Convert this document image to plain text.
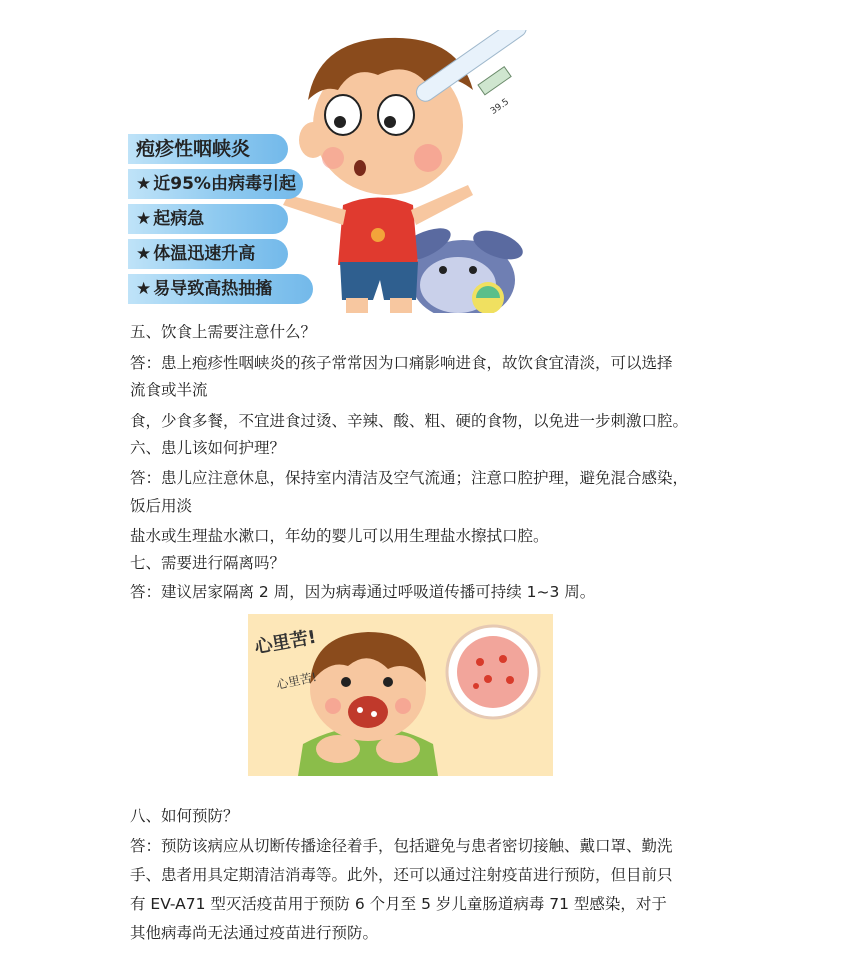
疱疹性咽峡炎
★ 近95%由病毒引起
★ 起病急
★ 体温迅速升高
★ 易导致高热抽搐
39.5
五、饮食上需要注意什么？
答：患上疱疹性咽峡炎的孩子常常因为口痛影响进食，故饮食宜清淡，可以选择
流食或半流
食，少食多餐，不宜进食过烫、辛辣、酸、粗、硬的食物，以免进一步刺激口腔。
六、患儿该如何护理？
答：患儿应注意休息，保持室内清洁及空气流通；注意口腔护理，避免混合感染，
饭后用淡
盐水或生理盐水漱口，年幼的婴儿可以用生理盐水擦拭口腔。
七、需要进行隔离吗？
答：建议居家隔离 2 周，因为病毒通过呼吸道传播可持续 1~3 周。
心里苦!
心里苦!
八、如何预防？
答：预防该病应从切断传播途径着手，包括避免与患者密切接触、戴口罩、勤洗
手、患者用具定期清洁消毒等。此外，还可以通过注射疫苗进行预防，但目前只
有 EV-A71 型灭活疫苗用于预防 6 个月至 5 岁儿童肠道病毒 71 型感染，对于
其他病毒尚无法通过疫苗进行预防。
